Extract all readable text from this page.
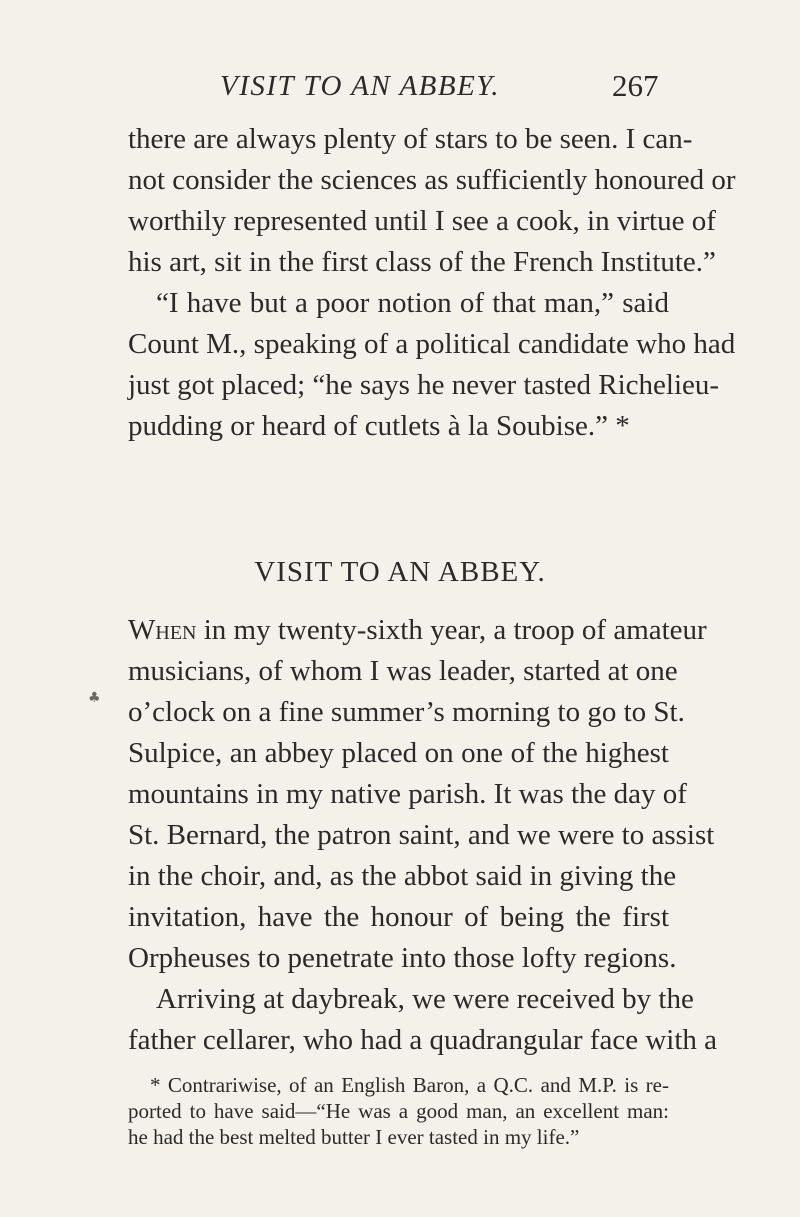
VISIT TO AN ABBEY.	267
there are always plenty of stars to be seen. I can-
not consider the sciences as sufficiently honoured or
worthily represented until I see a cook, in virtue of
his art, sit in the first class of the French Institute.”
“I have but a poor notion of that man,” said
Count M., speaking of a political candidate who had
just got placed; “he says he never tasted Richelieu-
pudding or heard of cutlets à la Soubise.” *
VISIT TO AN ABBEY.
When in my twenty-sixth year, a troop of amateur
musicians, of whom I was leader, started at one
o’clock on a fine summer’s morning to go to St.
Sulpice, an abbey placed on one of the highest
mountains in my native parish. It was the day of
St. Bernard, the patron saint, and we were to assist
in the choir, and, as the abbot said in giving the
invitation, have the honour of being the first
Orpheuses to penetrate into those lofty regions.
Arriving at daybreak, we were received by the
father cellarer, who had a quadrangular face with a
* Contrariwise, of an English Baron, a Q.C. and M.P. is re-
ported to have said—“He was a good man, an excellent man:
he had the best melted butter I ever tasted in my life.”
♣
